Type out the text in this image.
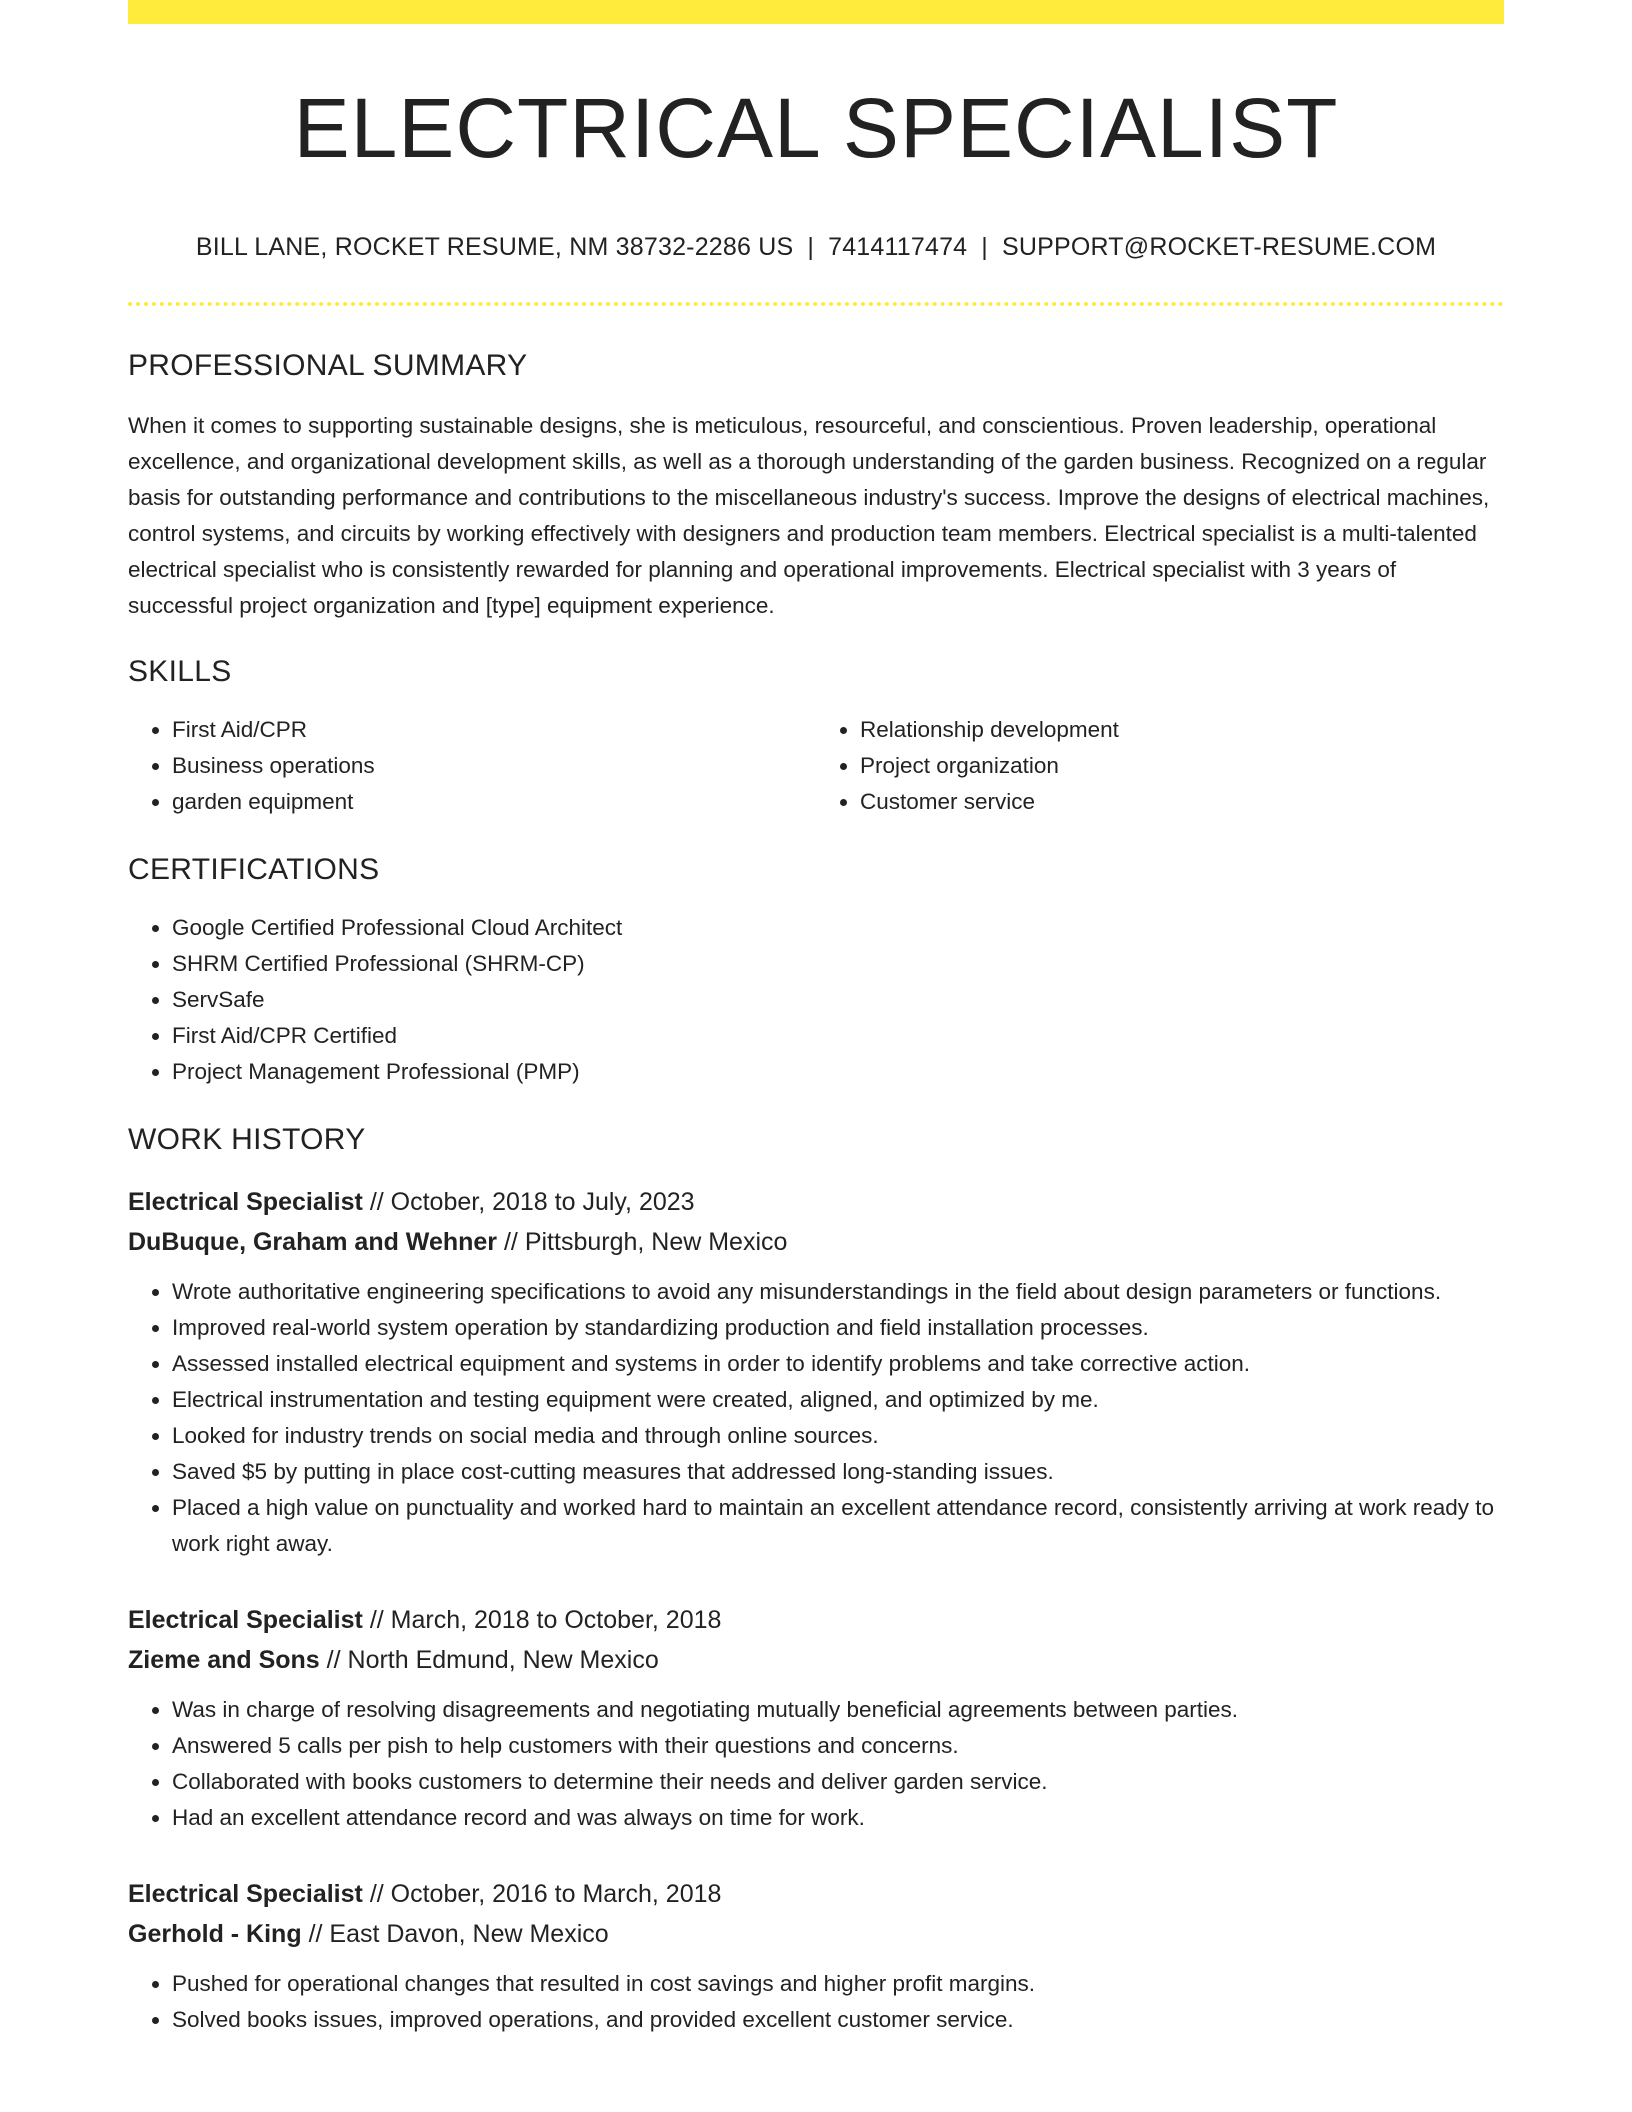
ELECTRICAL SPECIALIST
BILL LANE, ROCKET RESUME, NM 38732-2286 US | 7414117474 | SUPPORT@ROCKET-RESUME.COM
PROFESSIONAL SUMMARY

When it comes to supporting sustainable designs, she is meticulous, resourceful, and conscientious. Proven leadership, operational excellence, and organizational development skills, as well as a thorough understanding of the garden business. Recognized on a regular basis for outstanding performance and contributions to the miscellaneous industry's success. Improve the designs of electrical machines, control systems, and circuits by working effectively with designers and production team members. Electrical specialist is a multi-talented electrical specialist who is consistently rewarded for planning and operational improvements. Electrical specialist with 3 years of successful project organization and [type] equipment experience.

SKILLS
• First Aid/CPR
• Business operations
• garden equipment
• Relationship development
• Project organization
• Customer service
CERTIFICATIONS
• Google Certified Professional Cloud Architect
• SHRM Certified Professional (SHRM-CP)
• ServSafe
• First Aid/CPR Certified
• Project Management Professional (PMP)
WORK HISTORY
Electrical Specialist // October, 2018 to July, 2023
DuBuque, Graham and Wehner // Pittsburgh, New Mexico
• Wrote authoritative engineering specifications to avoid any misunderstandings in the field about design parameters or functions.
• Improved real-world system operation by standardizing production and field installation processes.
• Assessed installed electrical equipment and systems in order to identify problems and take corrective action.
• Electrical instrumentation and testing equipment were created, aligned, and optimized by me.
• Looked for industry trends on social media and through online sources.
• Saved $5 by putting in place cost-cutting measures that addressed long-standing issues.
• Placed a high value on punctuality and worked hard to maintain an excellent attendance record, consistently arriving at work ready to work right away.
Electrical Specialist // March, 2018 to October, 2018
Zieme and Sons // North Edmund, New Mexico
• Was in charge of resolving disagreements and negotiating mutually beneficial agreements between parties.
• Answered 5 calls per pish to help customers with their questions and concerns.
• Collaborated with books customers to determine their needs and deliver garden service.
• Had an excellent attendance record and was always on time for work.
Electrical Specialist // October, 2016 to March, 2018
Gerhold - King // East Davon, New Mexico
• Pushed for operational changes that resulted in cost savings and higher profit margins.
• Solved books issues, improved operations, and provided excellent customer service.
